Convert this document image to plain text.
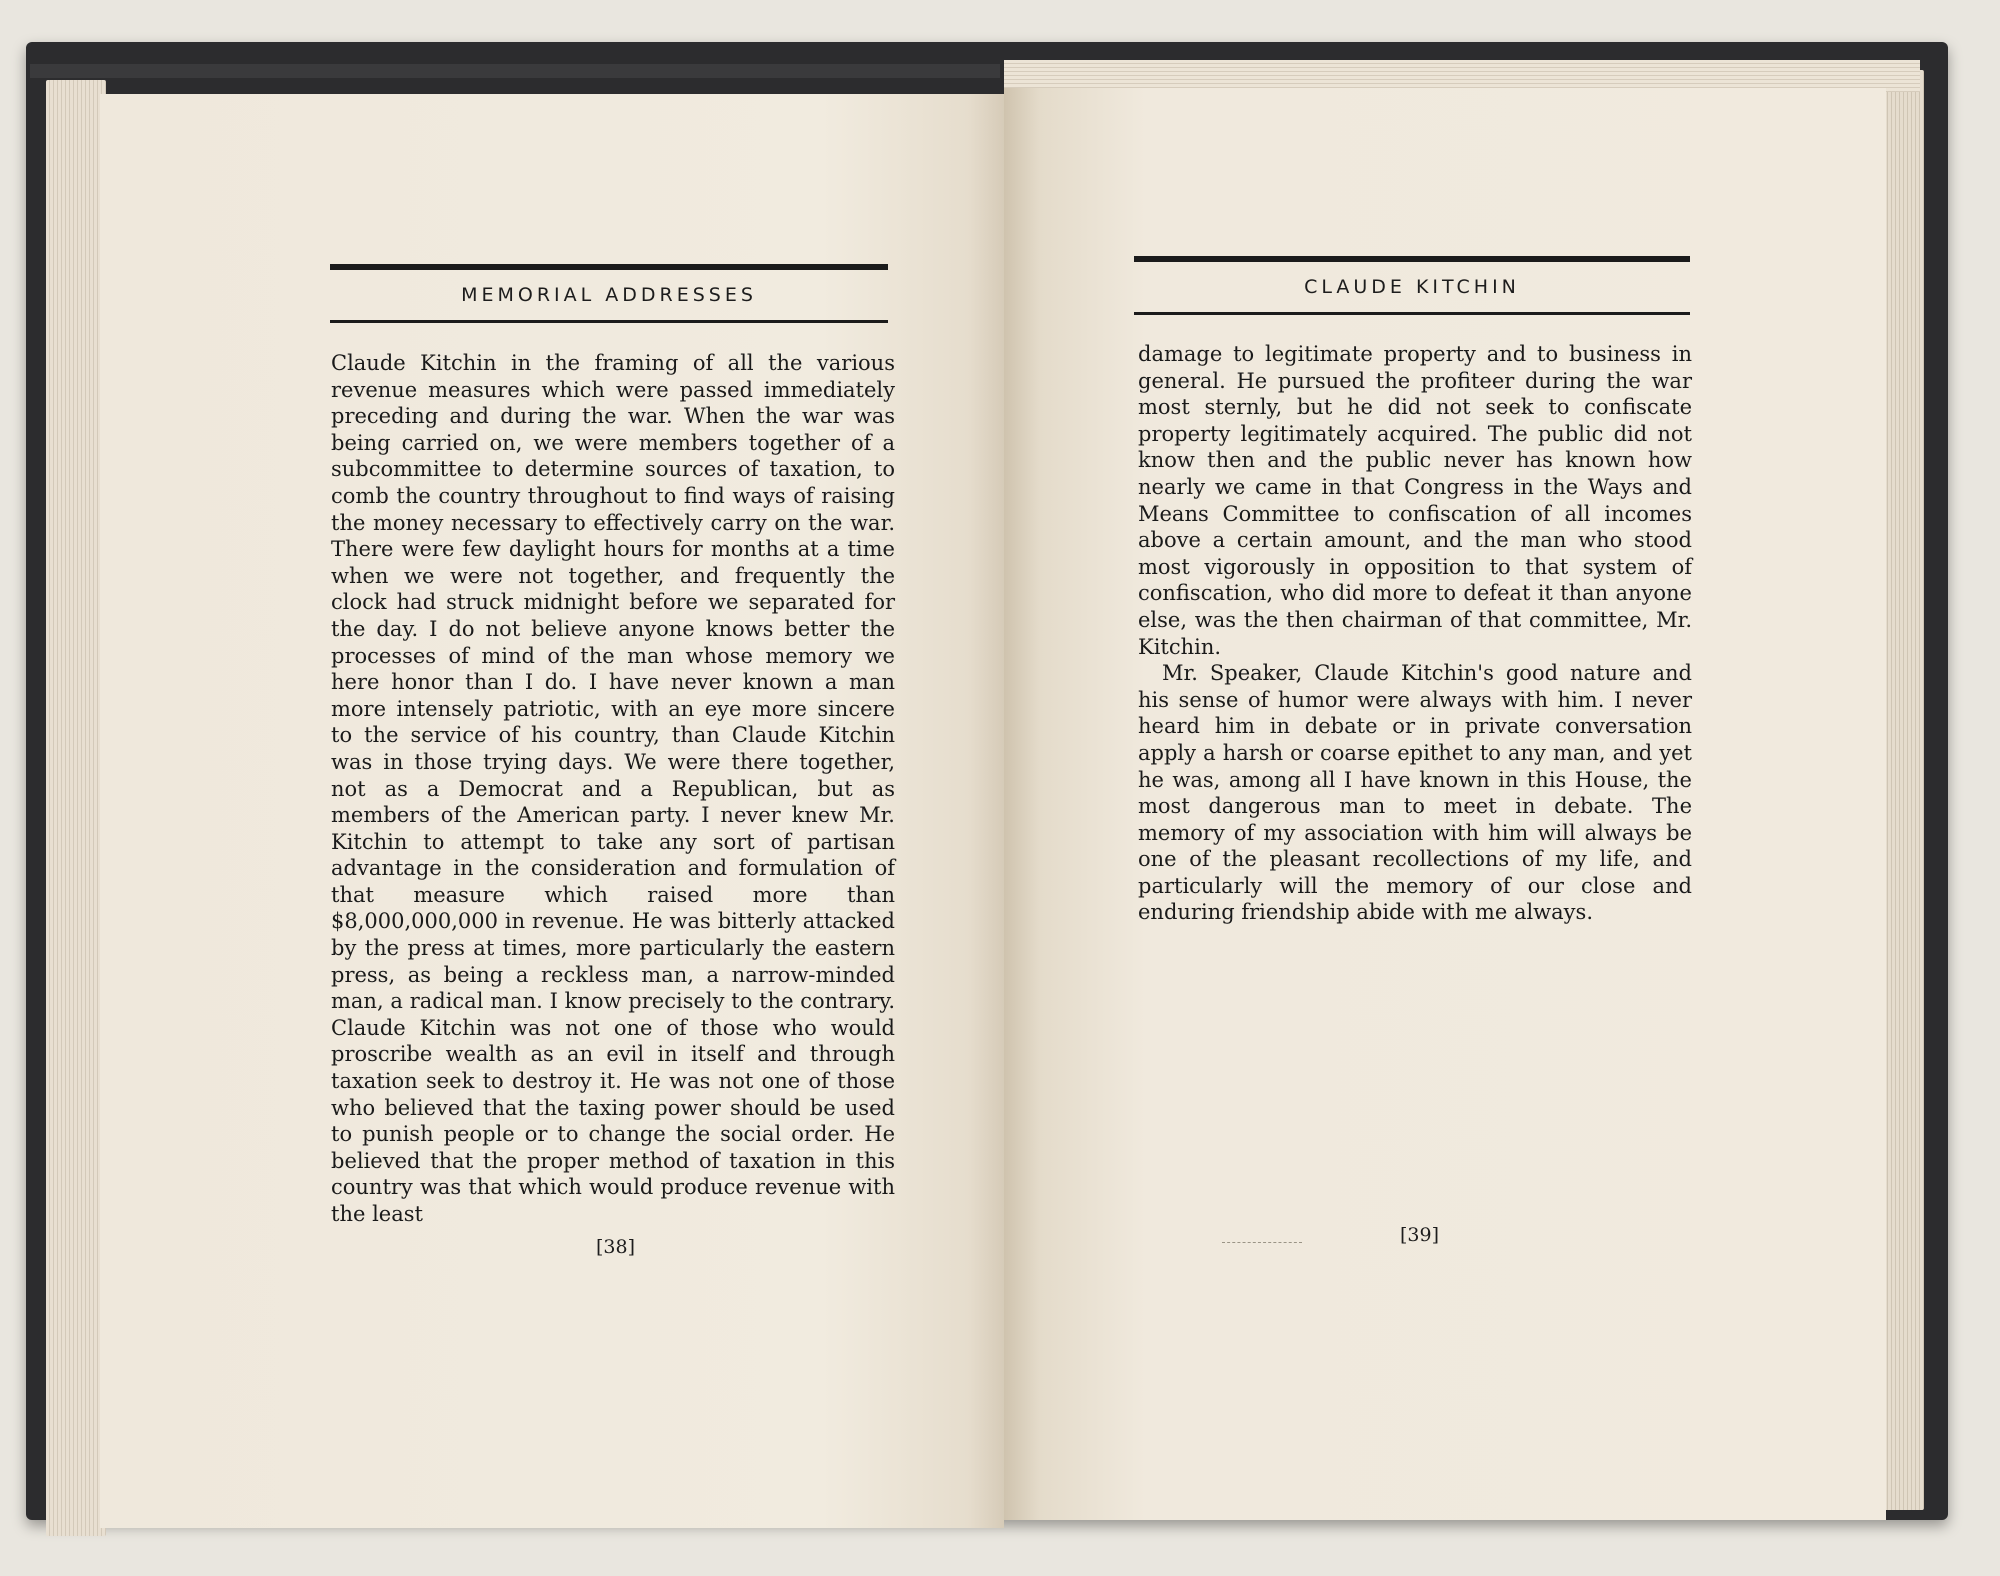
MEMORIAL ADDRESSES

Claude Kitchin in the framing of all the various revenue measures which were passed immediately preceding and during the war. When the war was being carried on, we were members together of a subcommittee to determine sources of taxation, to comb the country throughout to find ways of raising the money necessary to effectively carry on the war. There were few daylight hours for months at a time when we were not together, and frequently the clock had struck midnight before we separated for the day. I do not believe anyone knows better the processes of mind of the man whose memory we here honor than I do. I have never known a man more intensely patriotic, with an eye more sincere to the service of his country, than Claude Kitchin was in those trying days. We were there together, not as a Democrat and a Republican, but as members of the American party. I never knew Mr. Kitchin to attempt to take any sort of partisan advantage in the consideration and formulation of that measure which raised more than $8,000,000,000 in revenue. He was bitterly attacked by the press at times, more particularly the eastern press, as being a reckless man, a narrow-minded man, a radical man. I know precisely to the contrary. Claude Kitchin was not one of those who would proscribe wealth as an evil in itself and through taxation seek to destroy it. He was not one of those who believed that the taxing power should be used to punish people or to change the social order. He believed that the proper method of taxation in this country was that which would produce revenue with the least

[38]
CLAUDE KITCHIN

damage to legitimate property and to business in general. He pursued the profiteer during the war most sternly, but he did not seek to confiscate property legitimately acquired. The public did not know then and the public never has known how nearly we came in that Congress in the Ways and Means Committee to confiscation of all incomes above a certain amount, and the man who stood most vigorously in opposition to that system of confiscation, who did more to defeat it than anyone else, was the then chairman of that committee, Mr. Kitchin.

Mr. Speaker, Claude Kitchin's good nature and his sense of humor were always with him. I never heard him in debate or in private conversation apply a harsh or coarse epithet to any man, and yet he was, among all I have known in this House, the most dangerous man to meet in debate. The memory of my association with him will always be one of the pleasant recollections of my life, and particularly will the memory of our close and enduring friendship abide with me always.

[39]
